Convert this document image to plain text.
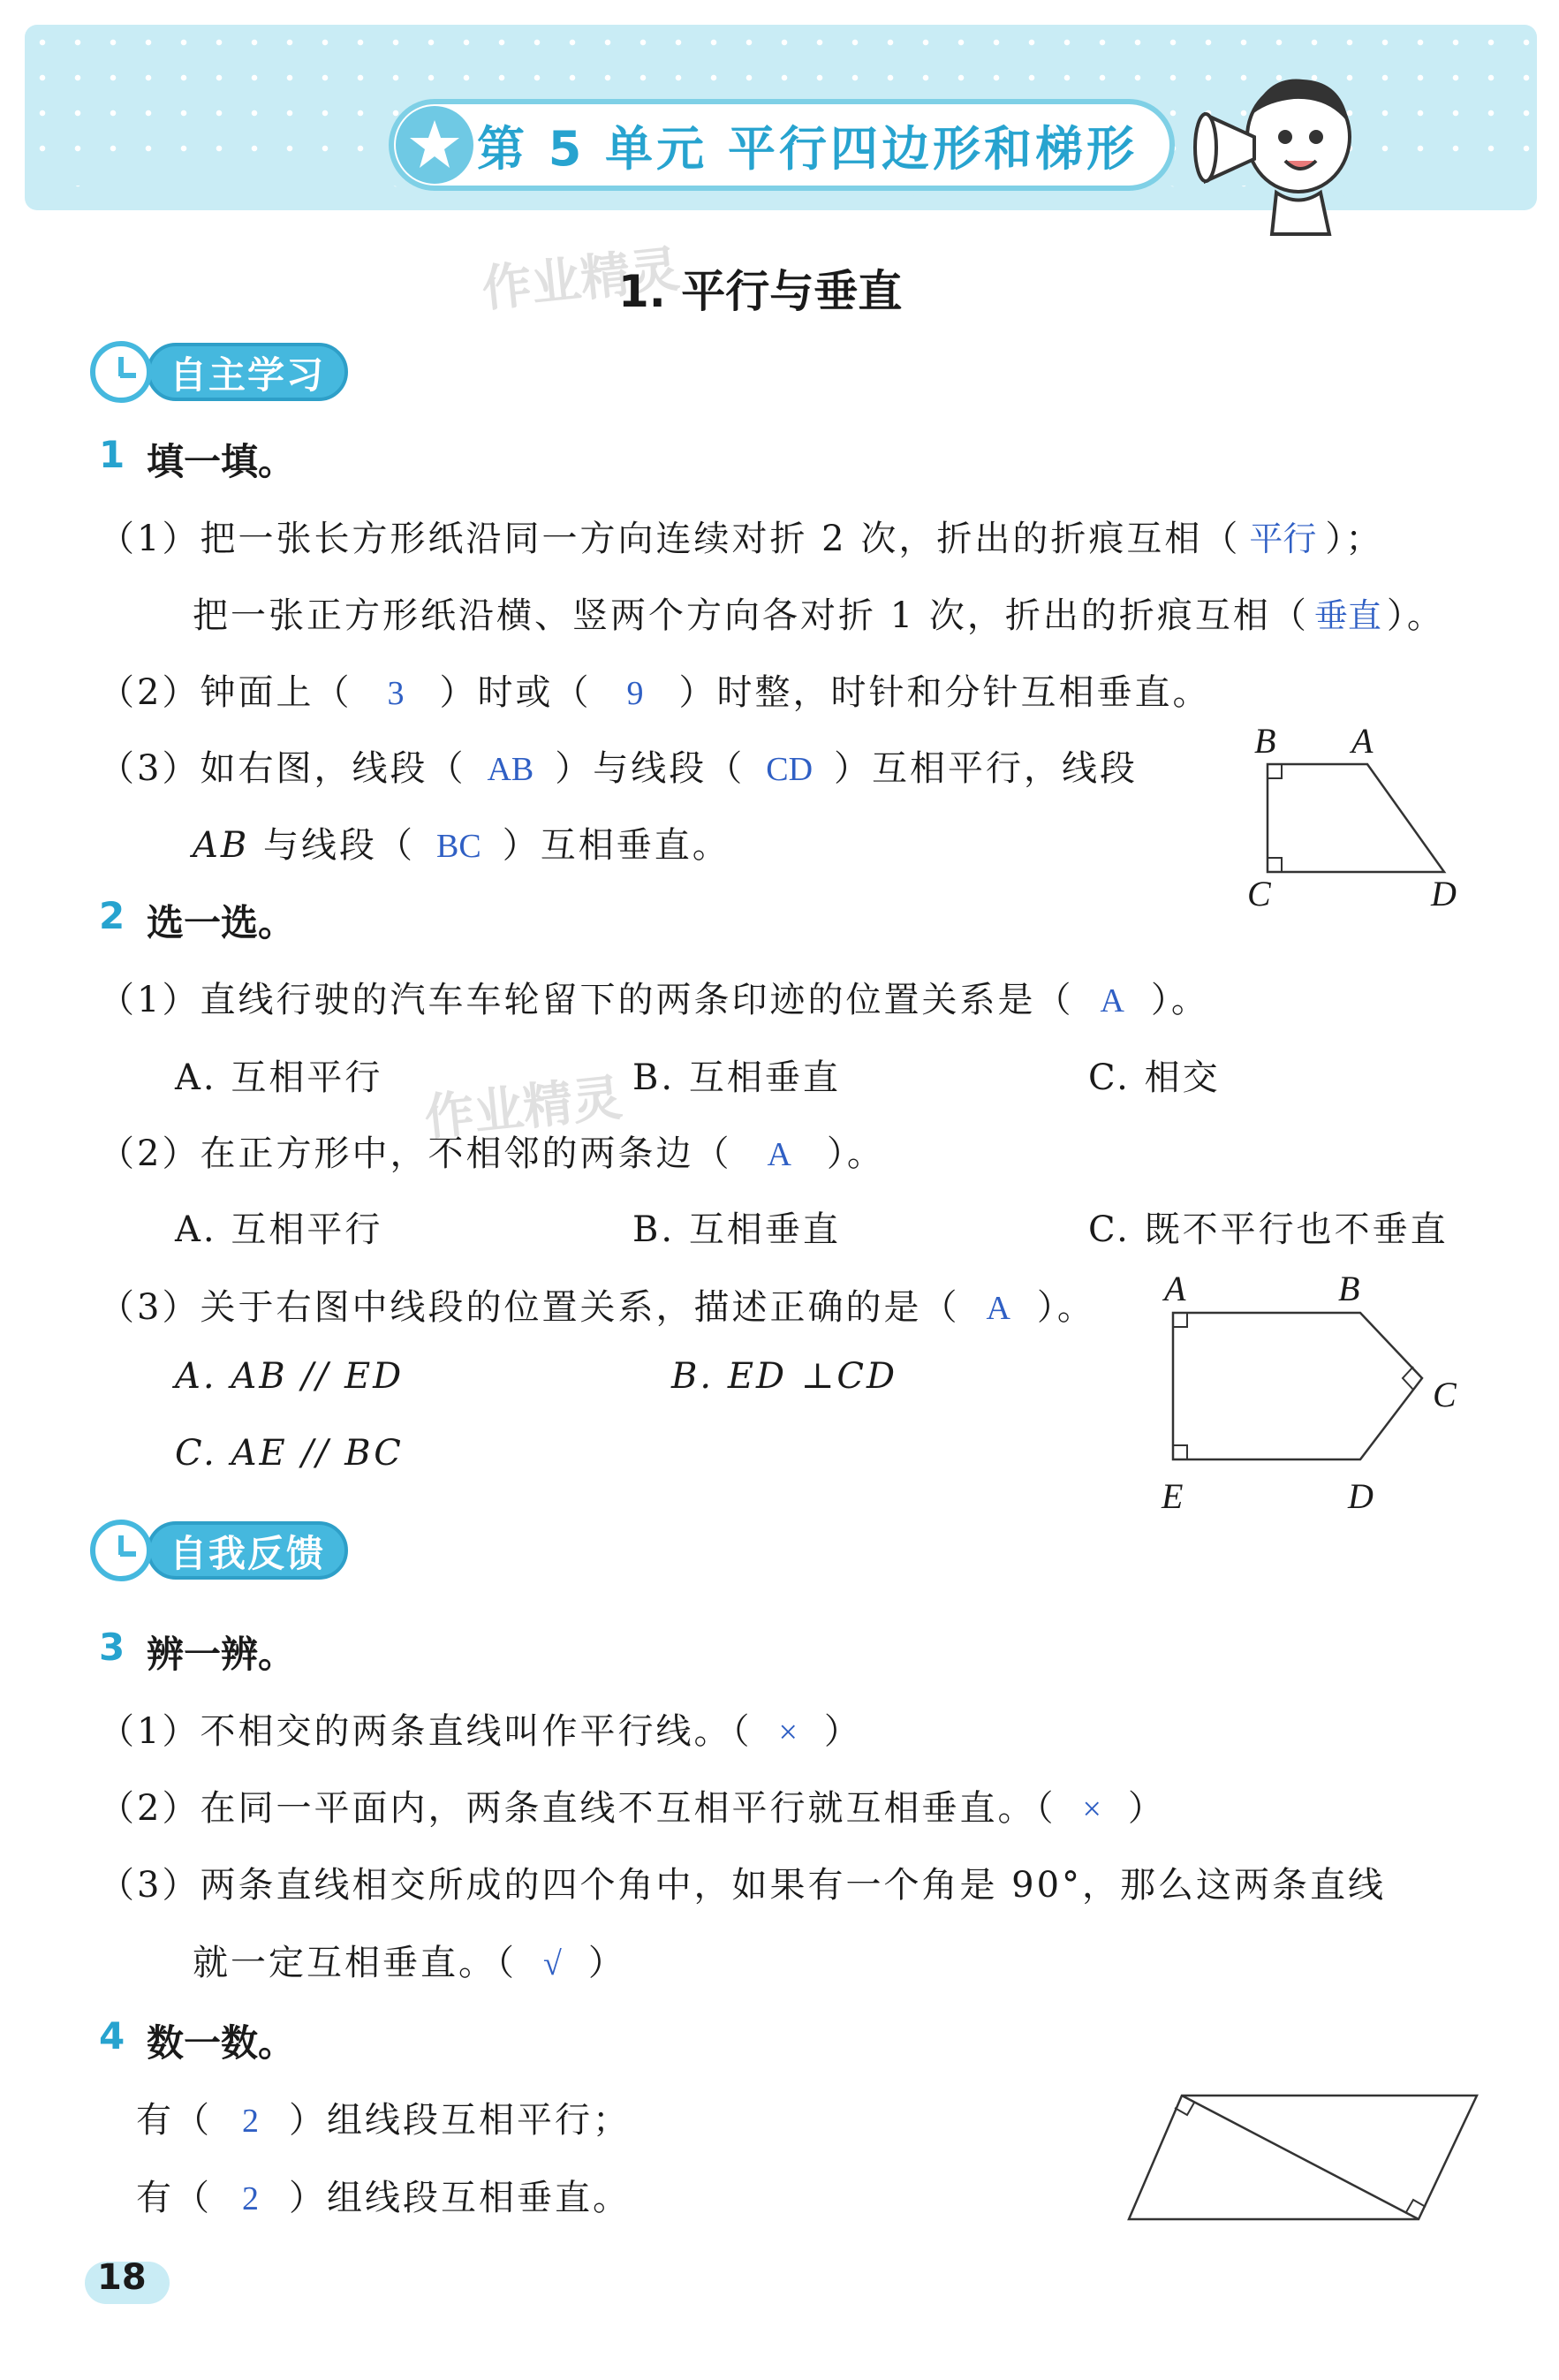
第 5 单元 平行四边形和梯形
作业精灵
1. 平行与垂直
自主学习
1 填一填。
（1）把一张长方形纸沿同一方向连续对折 2 次，折出的折痕互相（ 平行 ）；
把一张正方形纸沿横、竖两个方向各对折 1 次，折出的折痕互相（ 垂直 ）。
（2）钟面上（ 3 ）时或（ 9 ）时整，时针和分针互相垂直。
（3）如右图，线段（ AB ）与线段（ CD ）互相平行，线段
AB 与线段（ BC ）互相垂直。
B A
C	D
2 选一选。
（1）直线行驶的汽车车轮留下的两条印迹的位置关系是（ A ）。
A. 互相平行	B. 互相垂直	C. 相交
作业精灵
（2）在正方形中，不相邻的两条边（ A ）。
A. 互相平行	B. 互相垂直	C. 既不平行也不垂直
（3）关于右图中线段的位置关系，描述正确的是（ A ）。
A. AB // ED	B. ED ⊥CD
C. AE // BC
A	B
C
E	D
自我反馈
3 辨一辨。
（1）不相交的两条直线叫作平行线。（ × ）
（2）在同一平面内，两条直线不互相平行就互相垂直。（ × ）
（3）两条直线相交所成的四个角中，如果有一个角是 90°，那么这两条直线
就一定互相垂直。（ √ ）
4 数一数。
有（ 2 ）组线段互相平行；
有（ 2 ）组线段互相垂直。
18
